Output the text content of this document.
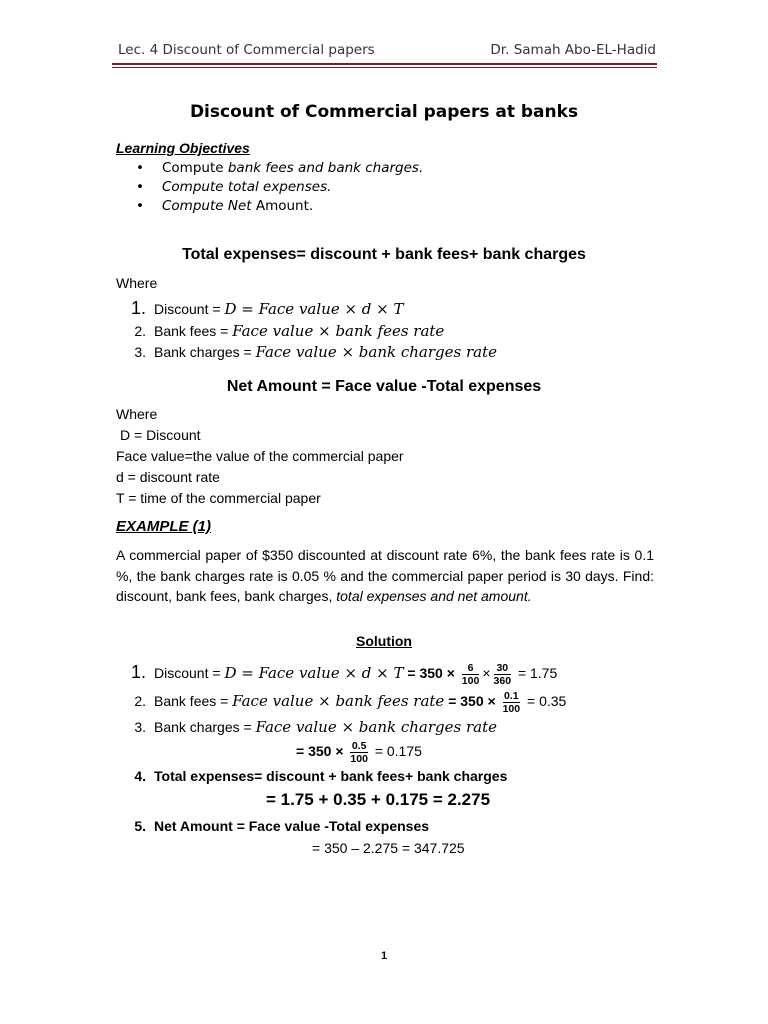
Lec. 4 Discount of Commercial papers	Dr. Samah Abo-EL-Hadid
Discount of Commercial papers at banks
Learning Objectives
• Compute bank fees and bank charges.
• Compute total expenses.
• Compute Net Amount.
Total expenses= discount + bank fees+ bank charges
Where
1. Discount = D = Face value × d × T
2. Bank fees = Face value × bank fees rate
3. Bank charges = Face value × bank charges rate
Net Amount = Face value -Total expenses
Where
D = Discount
Face value=the value of the commercial paper
d = discount rate
T = time of the commercial paper
EXAMPLE (1)
A commercial paper of $350 discounted at discount rate 6%, the bank fees rate is 0.1 %, the bank charges rate is 0.05 % and the commercial paper period is 30 days. Find: discount, bank fees, bank charges, total expenses and net amount.
Solution
1. Discount = D = Face value × $d \times T = 350 \times \frac{6}{100} \times \frac{30}{360} = 1.75$
2. Bank fees = Face value × bank fees rate = $350 \times \frac{0.1}{100} = 0.35$
3. Bank charges = Face value × bank charges rate
= $350 \times \frac{0.5}{100} = 0.175$
4. Total expenses= discount + bank fees+ bank charges
= 1.75 + 0.35 + 0.175 = 2.275
5. Net Amount = Face value -Total expenses
= 350 – 2.275 = 347.725
1
